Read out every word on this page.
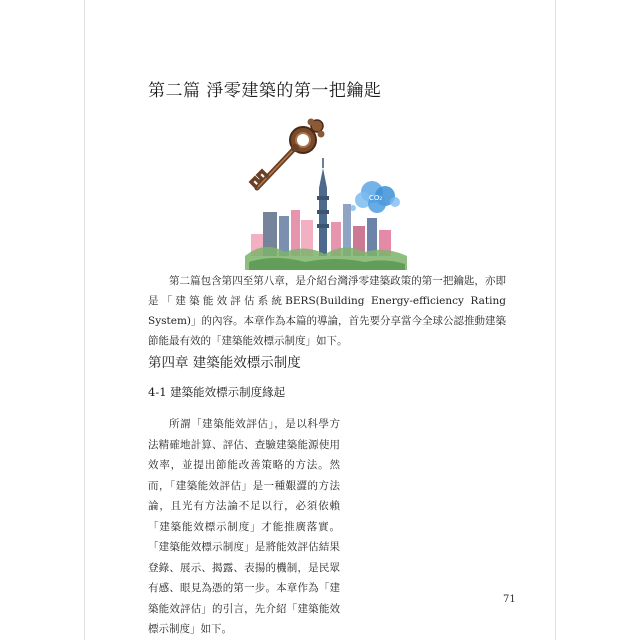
第二篇 淨零建築的第一把鑰匙
CO₂

第二篇包含第四至第八章，是介紹台灣淨零建築政策的第一把鑰匙，亦即是「建築能效評估系統BERS(Building Energy-efficiency Rating System)」的內容。本章作為本篇的導論，首先要分享當今全球公認推動建築節能最有效的「建築能效標示制度」如下。

第四章 建築能效標示制度
4-1 建築能效標示制度緣起

所謂「建築能效評估」，是以科學方法精確地計算、評估、查驗建築能源使用效率，並提出節能改善策略的方法。然而，「建築能效評估」是一種艱澀的方法論，且光有方法論不足以行，必須依賴「建築能效標示制度」才能推廣落實。「建築能效標示制度」是將能效評估結果登錄、展示、揭露、表揚的機制，是民眾有感、眼見為憑的第一步。本章作為「建築能效評估」的引言，先介紹「建築能效標示制度」如下。

71
